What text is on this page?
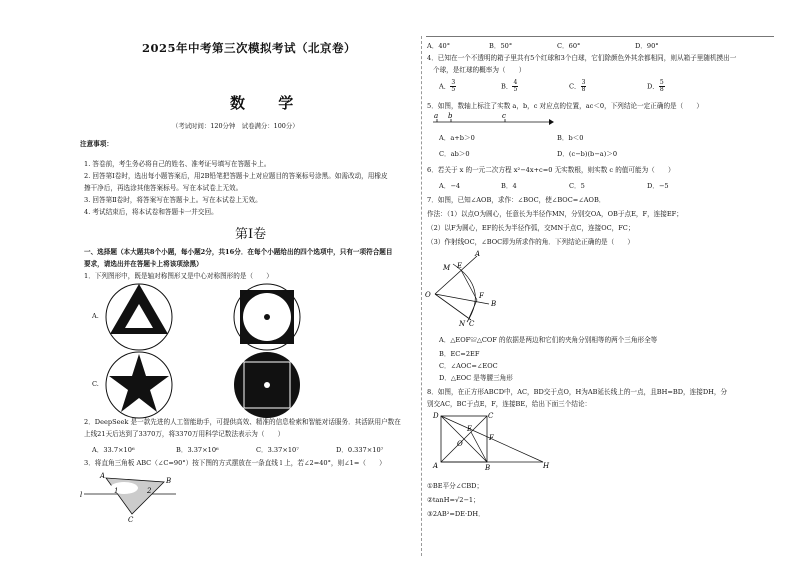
2025年中考第三次模拟考试（北京卷）
数 学
（考试时间：120分钟　试卷满分：100分）
注意事项：
1. 答卷前，考生务必将自己的姓名、准考证号填写在答题卡上。
2. 回答第Ⅰ卷时，选出每小题答案后，用2B铅笔把答题卡上对应题目的答案标号涂黑。如需改动，用橡皮
擦干净后，再选涂其他答案标号。写在本试卷上无效。
3. 回答第Ⅱ卷时，将答案写在答题卡上。写在本试卷上无效。
4. 考试结束后，将本试卷和答题卡一并交回。
第Ⅰ卷
一、选择题（本大题共8个小题，每小题2分，共16分．在每个小题给出的四个选项中，只有一项符合题目
要求，请选出并在答题卡上将该项涂黑）
1．下列图形中，既是轴对称图形又是中心对称图形的是（　　）
A.
C.
2．DeepSeek 是一款先进的人工智能助手，可提供高效、精准的信息检索和智能对话服务．其活跃用户数在
上线21天后达到了3370万，将3370万用科学记数法表示为（　　）
A．33.7×10⁶	B．3.37×10⁶	C．3.37×10⁷	D．0.337×10⁷
3．将直角三角板 ABC（∠C=90°）按下图的方式摆放在一条直线 l 上，若∠2=40°，则∠1=（　　）
A
B
C
l	1	2
A．40°	B．50°	C．60°	D．90°
4．已知在一个不透明的箱子里共有5个红球和3个白球，它们除颜色外其余都相同，则从箱子里随机摸出一
个球，是红球的概率为（　　）
A． $\frac{3}{5}$	B． $\frac{4}{5}$	C． $\frac{3}{8}$	D． $\frac{5}{8}$
5．如图，数轴上标注了实数 a，b，c 对应点的位置，ac＜0，下列结论一定正确的是（　　）
a b	c
A．a+b＞0	B．b＜0
C．ab＞0	D．(c−b)(b−a)＞0
6．若关于 x 的一元二次方程 x²−4x+c=0 无实数根，则实数 c 的值可能为（　　）
A．−4	B．4	C．5	D．−5
7．如图，已知∠AOB，求作：∠BOC，使∠BOC=∠AOB．
作法：（1）以点O为圆心，任意长为半径作MN，分别交OA，OB于点E，F，连接EF；
（2）以F为圆心，EF的长为半径作弧，交MN于点C，连接OC，FC；
（3）作射线OC，∠BOC即为所求作的角．下列结论正确的是（　　）
A
M E
O	F
B
N C
A．△EOF≌△COF 的依据是两边和它们的夹角分别相等的两个三角形全等
B．EC=2EF
C．∠AOC=∠EOC
D．△EOC 是等腰三角形
8．如图，在正方形ABCD中，AC，BD交于点O，H为AB延长线上的一点，且BH=BD，连接DH，分
别交AC，BC于点E，F，连接BE，给出下面三个结论：
D	C
E
F
O
A	B	H
①BE平分∠CBD；
②tanH=√2−1；
③2AB²=DE·DH．
